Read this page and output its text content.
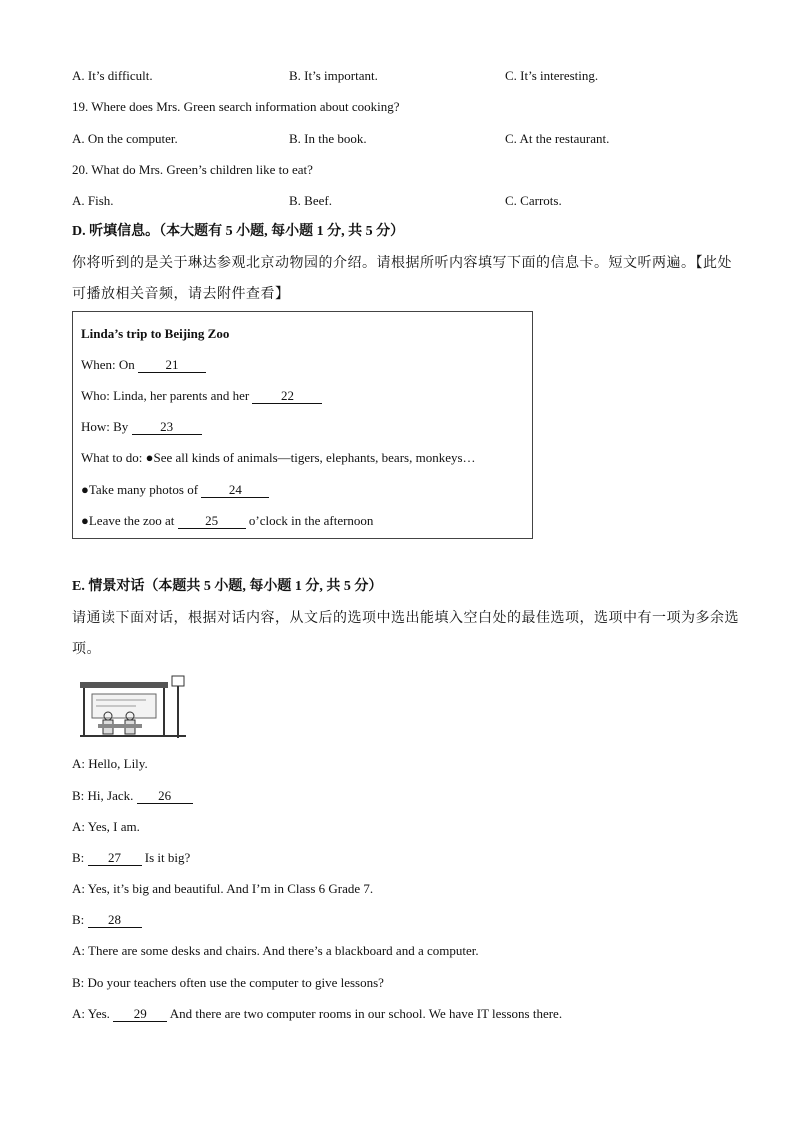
A. It’s difficult.	B. It’s important.	C. It’s interesting.
19. Where does Mrs. Green search information about cooking?
A. On the computer.	B. In the book.	C. At the restaurant.
20. What do Mrs. Green’s children like to eat?
A. Fish.	B. Beef.	C. Carrots.
D. 听填信息。（本大题有 5 小题, 每小题 1 分, 共 5 分）
你将听到的是关于琳达参观北京动物园的介绍。请根据所听内容填写下面的信息卡。短文听两遍。【此处
可播放相关音频，请去附件查看】
Linda’s trip to Beijing Zoo
When: On 21
Who: Linda, her parents and her 22
How: By 23
What to do: ●See all kinds of animals—tigers, elephants, bears, monkeys…
●Take many photos of 24
●Leave the zoo at 25 o’clock in the afternoon
E. 情景对话（本题共 5 小题, 每小题 1 分, 共 5 分）
请通读下面对话，根据对话内容，从文后的选项中选出能填入空白处的最佳选项，选项中有一项为多余选
项。
A: Hello, Lily.
B: Hi, Jack. 26
A: Yes, I am.
B: 27 Is it big?
A: Yes, it’s big and beautiful. And I’m in Class 6 Grade 7.
B: 28
A: There are some desks and chairs. And there’s a blackboard and a computer.
B: Do your teachers often use the computer to give lessons?
A: Yes. 29 And there are two computer rooms in our school. We have IT lessons there.
